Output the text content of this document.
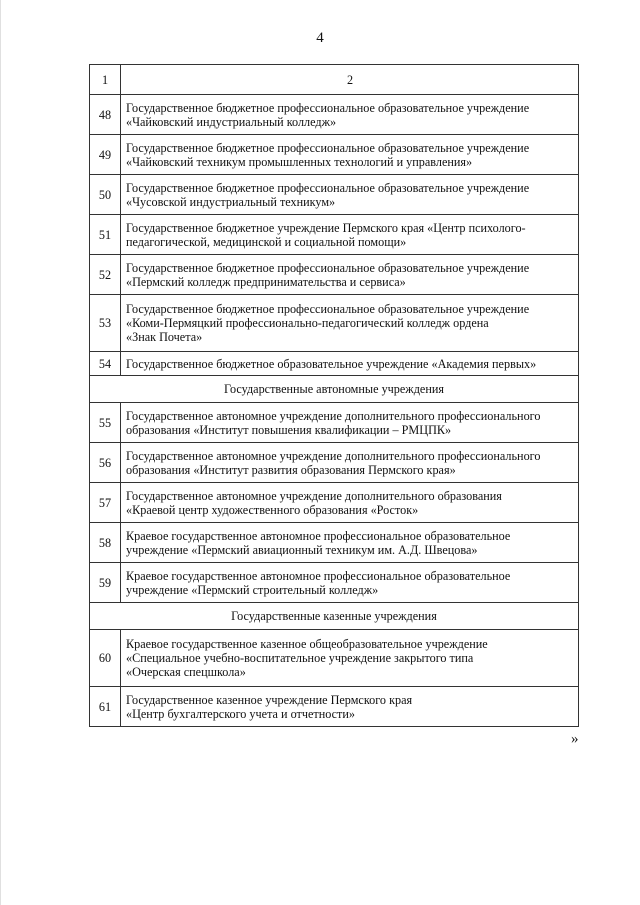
4
1	2
48	Государственное бюджетное профессиональное образовательное учреждение
«Чайковский индустриальный колледж»

49	Государственное бюджетное профессиональное образовательное учреждение
«Чайковский техникум промышленных технологий и управления»

50	Государственное бюджетное профессиональное образовательное учреждение
«Чусовской индустриальный техникум»

51	Государственное бюджетное учреждение Пермского края «Центр психолого-
педагогической, медицинской и социальной помощи»

52	Государственное бюджетное профессиональное образовательное учреждение
«Пермский колледж предпринимательства и сервиса»

53	Государственное бюджетное профессиональное образовательное учреждение
«Коми-Пермяцкий профессионально-педагогический колледж ордена
«Знак Почета»

54	Государственное бюджетное образовательное учреждение «Академия первых»

Государственные автономные учреждения	
55	Государственное автономное учреждение дополнительного профессионального
образования «Институт повышения квалификации – РМЦПК»

56	Государственное автономное учреждение дополнительного профессионального
образования «Институт развития образования Пермского края»

57	Государственное автономное учреждение дополнительного образования
«Краевой центр художественного образования «Росток»

58	Краевое государственное автономное профессиональное образовательное
учреждение «Пермский авиационный техникум им. А.Д. Швецова»

59	Краевое государственное автономное профессиональное образовательное
учреждение «Пермский строительный колледж»

Государственные казенные учреждения	
60	Краевое государственное казенное общеобразовательное учреждение
«Специальное учебно-воспитательное учреждение закрытого типа
«Очерская спецшкола»

61	Государственное казенное учреждение Пермского края
«Центр бухгалтерского учета и отчетности»
»
